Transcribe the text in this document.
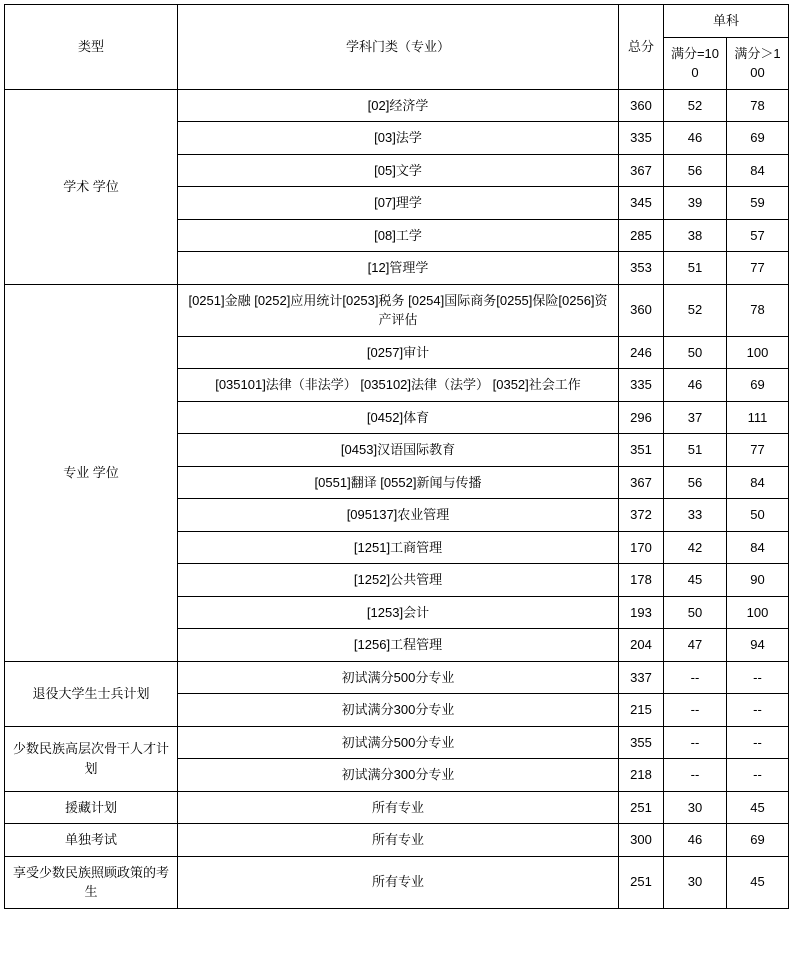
类型	学科门类（专业）	总分	单科	
			满分=100	满分＞100
学术 学位	[02]经济学	360	52	78
	[03]法学	335	46	69
	[05]文学	367	56	84
	[07]理学	345	39	59
	[08]工学	285	38	57
	[12]管理学	353	51	77
专业 学位	[0251]金融 [0252]应用统计[0253]税务 [0254]国际商务[0255]保险[0256]资产评估	360	52	78
	[0257]审计	246	50	100
	[035101]法律（非法学） [035102]法律（法学） [0352]社会工作	335	46	69
	[0452]体育	296	37	111
	[0453]汉语国际教育	351	51	77
	[0551]翻译 [0552]新闻与传播	367	56	84
	[095137]农业管理	372	33	50
	[1251]工商管理	170	42	84
	[1252]公共管理	178	45	90
	[1253]会计	193	50	100
	[1256]工程管理	204	47	94
退役大学生士兵计划	初试满分500分专业	337	--	--
	初试满分300分专业	215	--	--
少数民族高层次骨干人才计划	初试满分500分专业	355	--	--
	初试满分300分专业	218	--	--
援藏计划	所有专业	251	30	45
单独考试	所有专业	300	46	69
享受少数民族照顾政策的考生	所有专业	251	30	45
